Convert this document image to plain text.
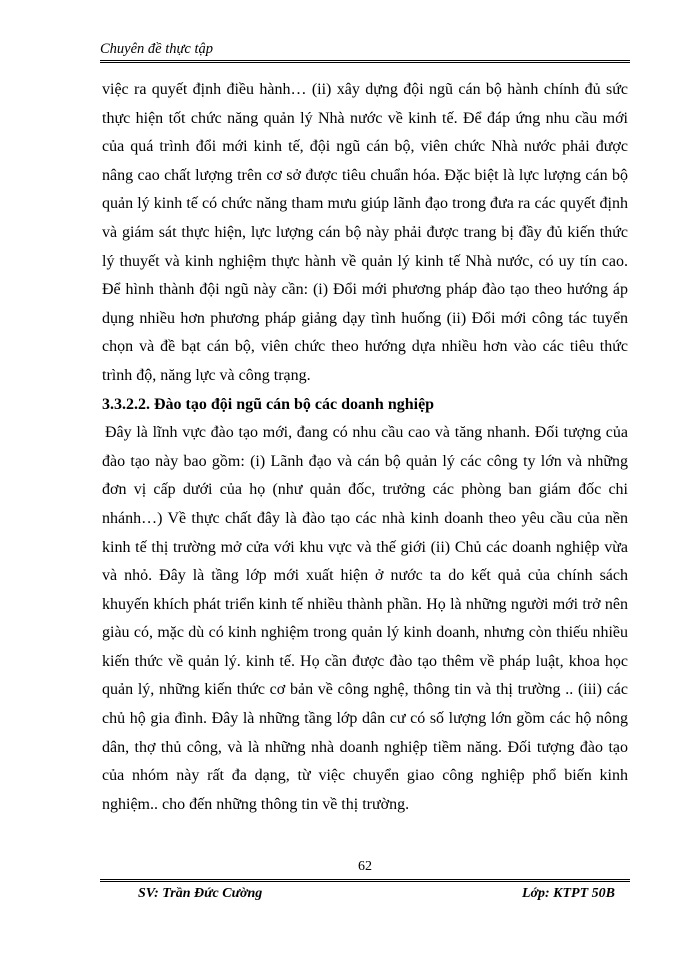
Chuyên đề thực tập

việc ra quyết định điều hành… (ii) xây dựng đội ngũ cán bộ hành chính đủ sức thực hiện tốt chức năng quản lý Nhà nước về kinh tế. Để đáp ứng nhu cầu mới của quá trình đổi mới kinh tế, đội ngũ cán bộ, viên chức Nhà nước phải được nâng cao chất lượng trên cơ sở được tiêu chuẩn hóa. Đặc biệt là lực lượng cán bộ quản lý kinh tế có chức năng tham mưu giúp lãnh đạo trong đưa ra các quyết định và giám sát thực hiện, lực lượng cán bộ này phải được trang bị đầy đủ kiến thức lý thuyết và kinh nghiệm thực hành về quản lý kinh tế Nhà nước, có uy tín cao. Để hình thành đội ngũ này cần: (i) Đổi mới phương pháp đào tạo theo hướng áp dụng nhiều hơn phương pháp giảng dạy tình huống (ii) Đổi mới công tác tuyển chọn và đề bạt cán bộ, viên chức theo hướng dựa nhiều hơn vào các tiêu thức trình độ, năng lực và công trạng.

3.3.2.2. Đào tạo đội ngũ cán bộ các doanh nghiệp

Đây là lĩnh vực đào tạo mới, đang có nhu cầu cao và tăng nhanh. Đối tượng của đào tạo này bao gồm: (i) Lãnh đạo và cán bộ quản lý các công ty lớn và những đơn vị cấp dưới của họ (như quản đốc, trưởng các phòng ban giám đốc chi nhánh…) Về thực chất đây là đào tạo các nhà kinh doanh theo yêu cầu của nền kinh tế thị trường mở cửa với khu vực và thế giới (ii) Chủ các doanh nghiệp vừa và nhỏ. Đây là tầng lớp mới xuất hiện ở nước ta do kết quả của chính sách khuyến khích phát triển kinh tế nhiều thành phần. Họ là những người mới trở nên giàu có, mặc dù có kinh nghiệm trong quản lý kinh doanh, nhưng còn thiếu nhiều kiến thức về quản lý. kinh tế. Họ cần được đào tạo thêm về pháp luật, khoa học quản lý, những kiến thức cơ bản về công nghệ, thông tin và thị trường .. (iii) các chủ hộ gia đình. Đây là những tầng lớp dân cư có số lượng lớn gồm các hộ nông dân, thợ thủ công, và là những nhà doanh nghiệp tiềm năng. Đối tượng đào tạo của nhóm này rất đa dạng, từ việc chuyển giao công nghiệp phổ biến kinh nghiệm.. cho đến những thông tin về thị trường.

62
SV: Trần Đức Cường	Lớp: KTPT 50B
